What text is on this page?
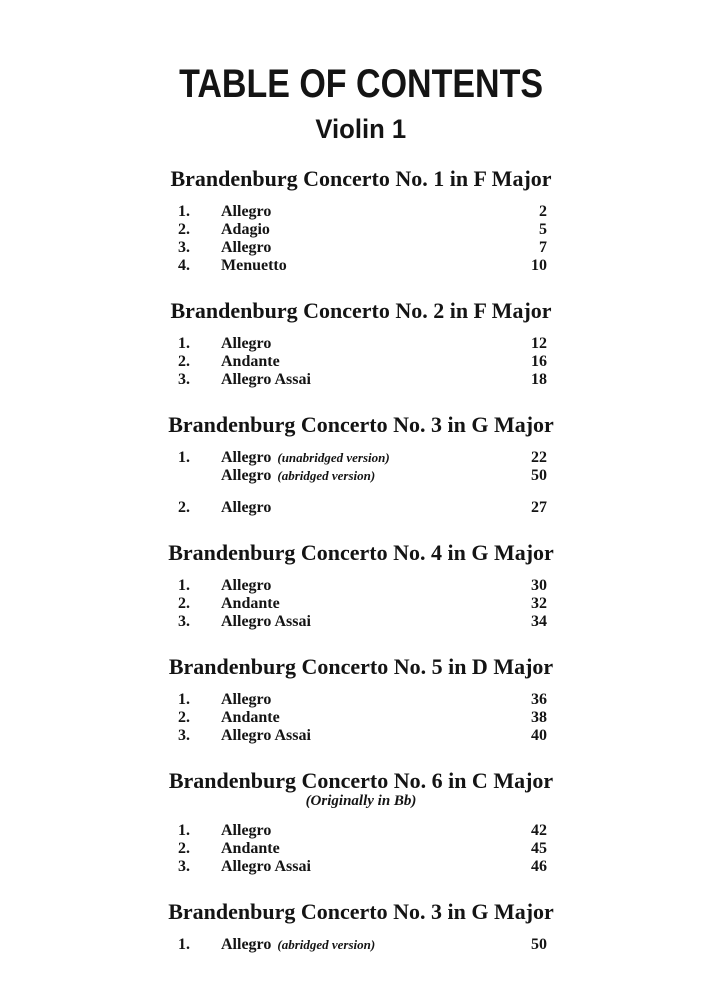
TABLE OF CONTENTS
Violin 1
Brandenburg Concerto No. 1 in F Major
1.	Allegro	2
2.	Adagio	5
3.	Allegro	7
4.	Menuetto	10
Brandenburg Concerto No. 2 in F Major
1.	Allegro	12
2.	Andante	16
3.	Allegro Assai	18
Brandenburg Concerto No. 3 in G Major
1.	Allegro (unabridged version)	22
Allegro (abridged version)	50
2.	Allegro	27
Brandenburg Concerto No. 4 in G Major
1.	Allegro	30
2.	Andante	32
3.	Allegro Assai	34
Brandenburg Concerto No. 5 in D Major
1.	Allegro	36
2.	Andante	38
3.	Allegro Assai	40
Brandenburg Concerto No. 6 in C Major
(Originally in Bb)
1.	Allegro	42
2.	Andante	45
3.	Allegro Assai	46
Brandenburg Concerto No. 3 in G Major
1.	Allegro (abridged version)	50
